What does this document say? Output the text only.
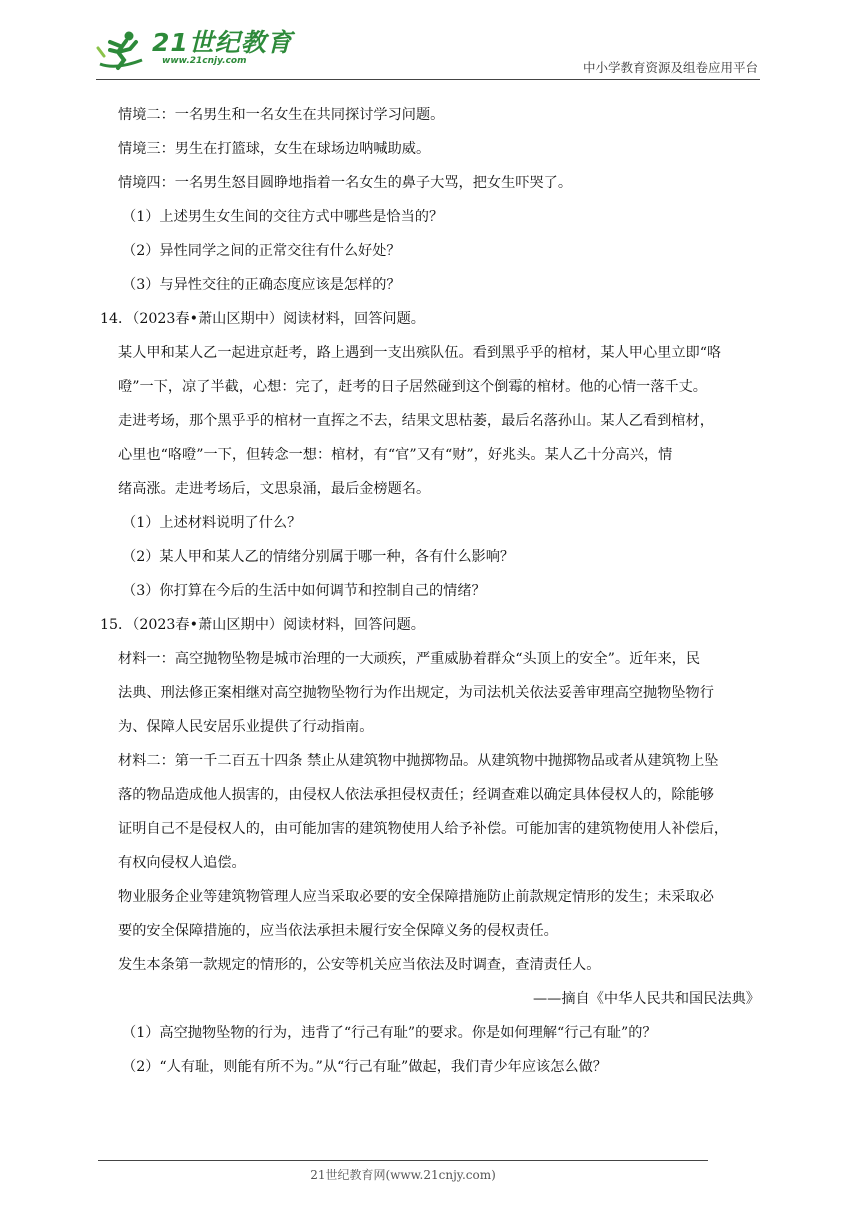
21世纪教育
www.21cnjy.com	中小学教育资源及组卷应用平台
情境二：一名男生和一名女生在共同探讨学习问题。
情境三：男生在打篮球，女生在球场边呐喊助威。
情境四：一名男生怒目圆睁地指着一名女生的鼻子大骂，把女生吓哭了。
（1）上述男生女生间的交往方式中哪些是恰当的？
（2）异性同学之间的正常交往有什么好处？
（3）与异性交往的正确态度应该是怎样的？
14．（2023春•萧山区期中）阅读材料，回答问题。
某人甲和某人乙一起进京赶考，路上遇到一支出殡队伍。看到黑乎乎的棺材，某人甲心里立即“咯
噔”一下，凉了半截，心想：完了，赶考的日子居然碰到这个倒霉的棺材。他的心情一落千丈。
走进考场，那个黑乎乎的棺材一直挥之不去，结果文思枯萎，最后名落孙山。某人乙看到棺材，
心里也“咯噔”一下，但转念一想：棺材，有“官”又有“财”，好兆头。某人乙十分高兴，情
绪高涨。走进考场后，文思泉涌，最后金榜题名。
（1）上述材料说明了什么？
（2）某人甲和某人乙的情绪分别属于哪一种，各有什么影响？
（3）你打算在今后的生活中如何调节和控制自己的情绪？
15．（2023春•萧山区期中）阅读材料，回答问题。
材料一：高空抛物坠物是城市治理的一大顽疾，严重威胁着群众“头顶上的安全”。近年来，民
法典、刑法修正案相继对高空抛物坠物行为作出规定，为司法机关依法妥善审理高空抛物坠物行
为、保障人民安居乐业提供了行动指南。
材料二：第一千二百五十四条 禁止从建筑物中抛掷物品。从建筑物中抛掷物品或者从建筑物上坠
落的物品造成他人损害的，由侵权人依法承担侵权责任；经调查难以确定具体侵权人的，除能够
证明自己不是侵权人的，由可能加害的建筑物使用人给予补偿。可能加害的建筑物使用人补偿后，
有权向侵权人追偿。
物业服务企业等建筑物管理人应当采取必要的安全保障措施防止前款规定情形的发生；未采取必
要的安全保障措施的，应当依法承担未履行安全保障义务的侵权责任。
发生本条第一款规定的情形的，公安等机关应当依法及时调查，查清责任人。
——摘自《中华人民共和国民法典》
（1）高空抛物坠物的行为，违背了“行己有耻”的要求。你是如何理解“行己有耻”的？
（2）“人有耻，则能有所不为。”从“行己有耻”做起，我们青少年应该怎么做？
21世纪教育网(www.21cnjy.com)
